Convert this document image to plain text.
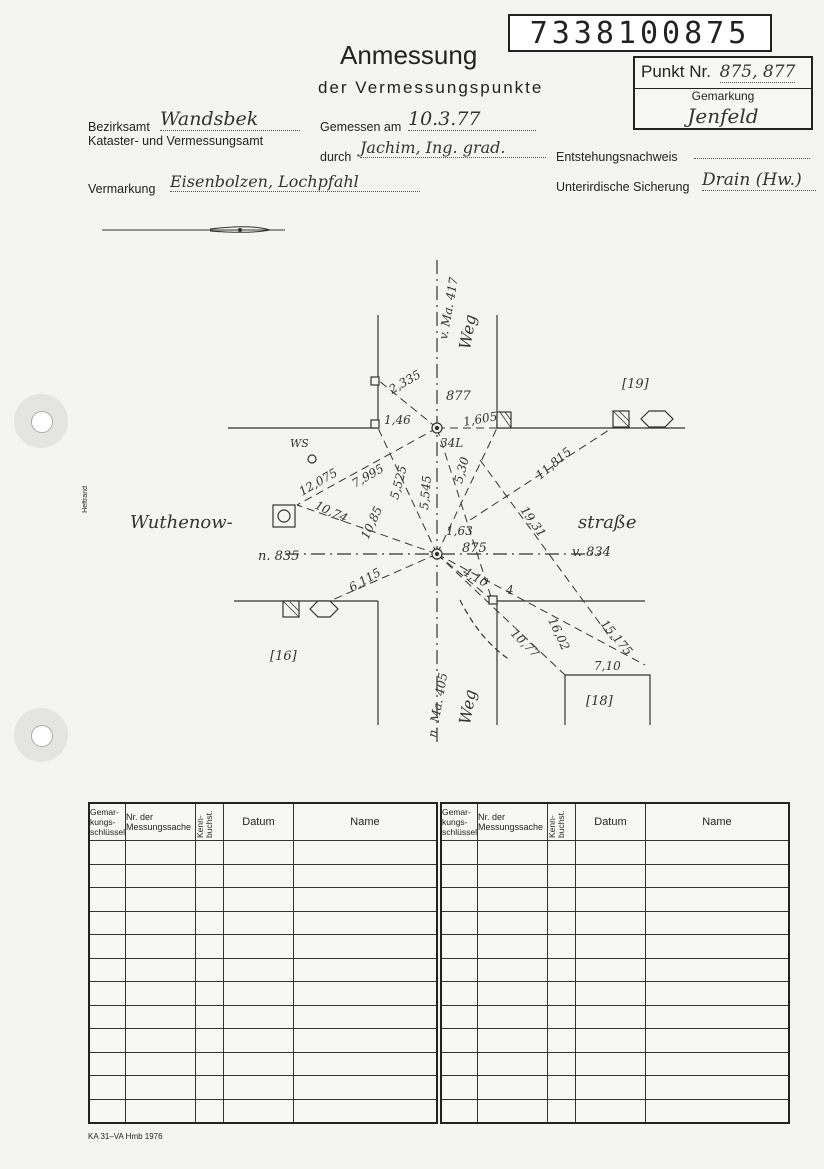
7338100875
Anmessung
der Vermessungspunkte
Punkt Nr. 875, 877
Gemarkung
Jenfeld
Bezirksamt Wandsbek
Kataster- und Vermessungsamt
Gemessen am 10.3.77
durch Jachim, Ing. grad.	Entstehungsnachweis
Vermarkung Eisenbolzen, Lochpfahl	Unterirdische Sicherung Drain (Hw.)
Heftrand
Wuthenow-	straße
Weg
Weg
v. Ma. 417
n. Ma. 405
n. 835	v. 834
877
875
WS
[19]
[16]
[18]
2,335
1,605
1,46
34L
5,525 5,545
5,30	11,815
12,075 7,995
10,74 10,85	1,63	19,31
6,115	4,10
4
10,77 16,02 15,175
7,10
Gemar-kungs-schlüssel	Nr. der Messungssache	Kenn-buchst.	Datum	Name

Gemar-kungs-schlüssel	Nr. der Messungssache	Kenn-buchst.	Datum	Name

KA 31–VA Hmb 1976
